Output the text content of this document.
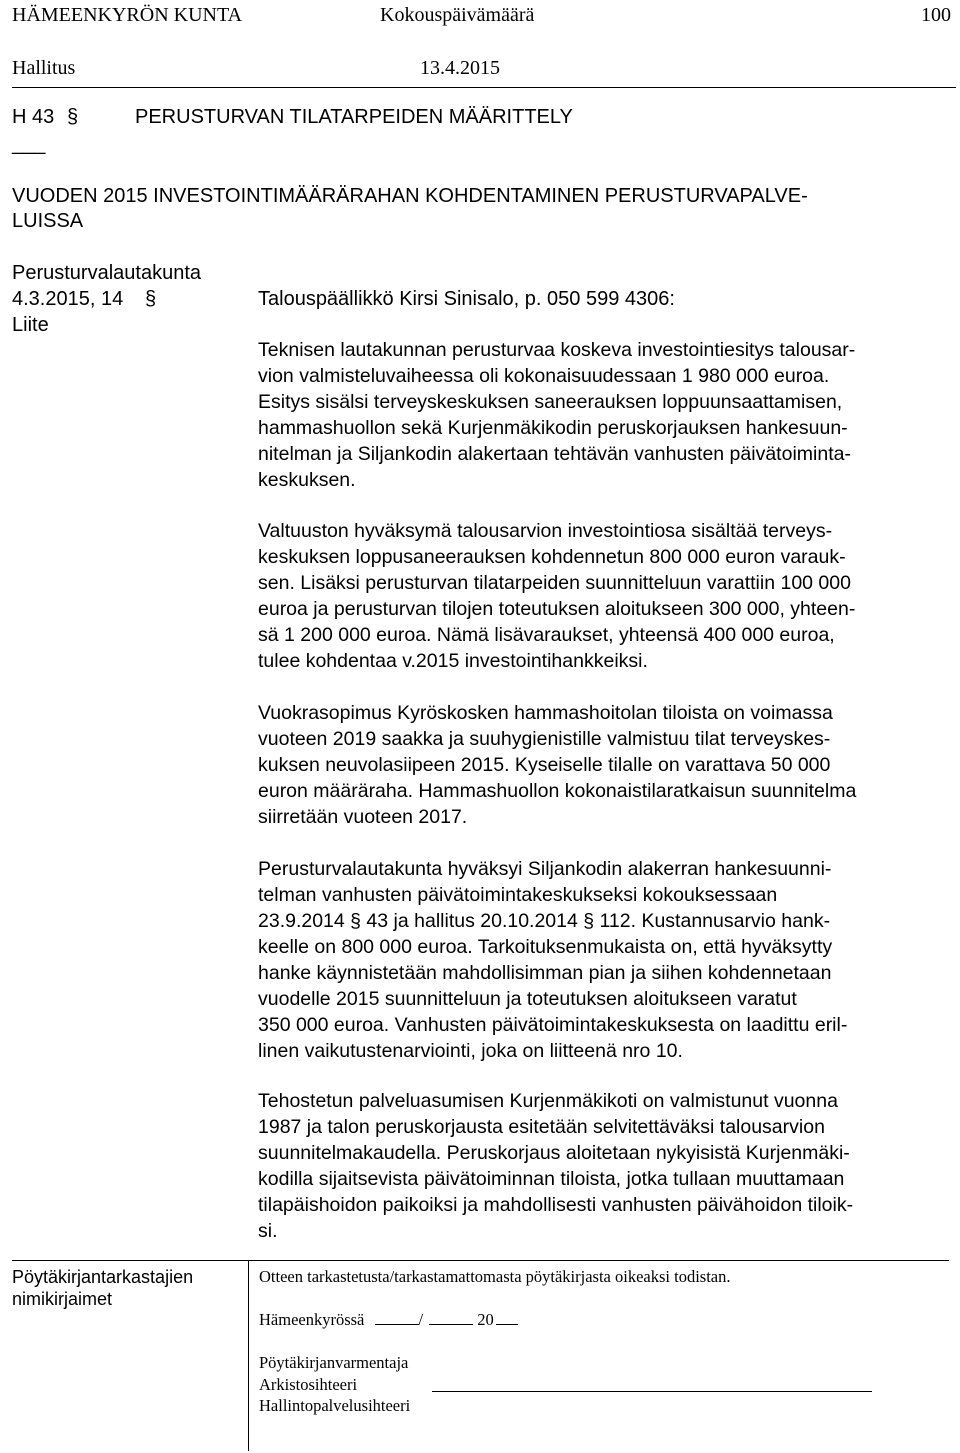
HÄMEENKYRÖN KUNTA	Kokouspäivämäärä	100
Hallitus	13.4.2015
H 43 §	PERUSTURVAN TILATARPEIDEN MÄÄRITTELY
___
VUODEN 2015 INVESTOINTIMÄÄRÄRAHAN KOHDENTAMINEN PERUSTURVAPALVE-
LUISSA
Perusturvalautakunta
4.3.2015, 14 §
Liite
Talouspäällikkö Kirsi Sinisalo, p. 050 599 4306:
Teknisen lautakunnan perusturvaa koskeva investointiesitys talousar-
vion valmisteluvaiheessa oli kokonaisuudessaan 1 980 000 euroa.
Esitys sisälsi terveyskeskuksen saneerauksen loppuunsaattamisen,
hammashuollon sekä Kurjenmäkikodin peruskorjauksen hankesuun-
nitelman ja Siljankodin alakertaan tehtävän vanhusten päivätoiminta-
keskuksen.
Valtuuston hyväksymä talousarvion investointiosa sisältää terveys-
keskuksen loppusaneerauksen kohdennetun 800 000 euron varauk-
sen. Lisäksi perusturvan tilatarpeiden suunnitteluun varattiin 100 000
euroa ja perusturvan tilojen toteutuksen aloitukseen 300 000, yhteen-
sä 1 200 000 euroa. Nämä lisävaraukset, yhteensä 400 000 euroa,
tulee kohdentaa v.2015 investointihankkeiksi.
Vuokrasopimus Kyröskosken hammashoitolan tiloista on voimassa
vuoteen 2019 saakka ja suuhygienistille valmistuu tilat terveyskes-
kuksen neuvolasiipeen 2015. Kyseiselle tilalle on varattava 50 000
euron määräraha. Hammashuollon kokonaistilaratkaisun suunnitelma
siirretään vuoteen 2017.
Perusturvalautakunta hyväksyi Siljankodin alakerran hankesuunni-
telman vanhusten päivätoimintakeskukseksi kokouksessaan
23.9.2014 § 43 ja hallitus 20.10.2014 § 112. Kustannusarvio hank-
keelle on 800 000 euroa. Tarkoituksenmukaista on, että hyväksytty
hanke käynnistetään mahdollisimman pian ja siihen kohdennetaan
vuodelle 2015 suunnitteluun ja toteutuksen aloitukseen varatut
350 000 euroa. Vanhusten päivätoimintakeskuksesta on laadittu eril-
linen vaikutustenarviointi, joka on liitteenä nro 10.
Tehostetun palveluasumisen Kurjenmäkikoti on valmistunut vuonna
1987 ja talon peruskorjausta esitetään selvitettäväksi talousarvion
suunnitelmakaudella. Peruskorjaus aloitetaan nykyisistä Kurjenmäki-
kodilla sijaitsevista päivätoiminnan tiloista, jotka tullaan muuttamaan
tilapäishoidon paikoiksi ja mahdollisesti vanhusten päivähoidon tiloik-
si.
Pöytäkirjantarkastajien
nimikirjaimet
Otteen tarkastetusta/tarkastamattomasta pöytäkirjasta oikeaksi todistan.
Hämeenkyrössä	/	20
Pöytäkirjanvarmentaja
Arkistosihteeri
Hallintopalvelusihteeri
